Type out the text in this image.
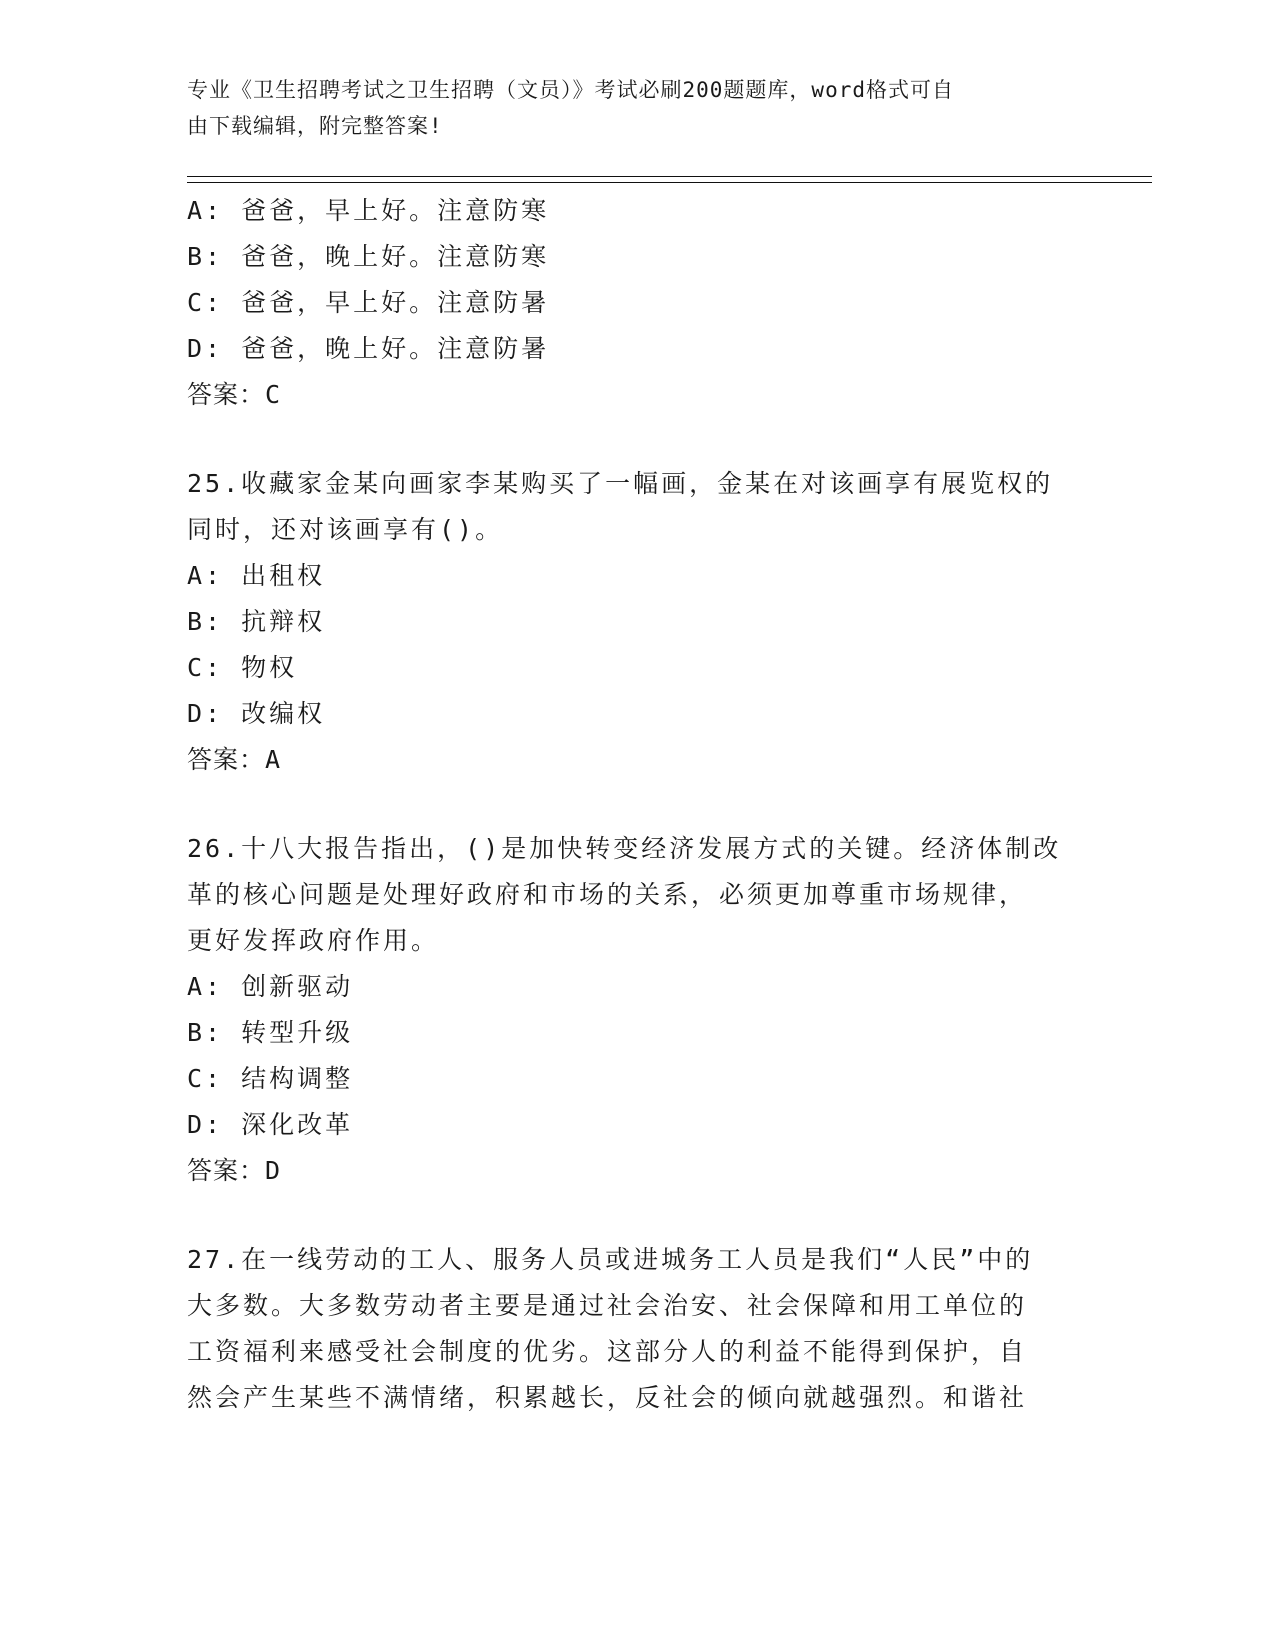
专业《卫生招聘考试之卫生招聘（文员）》考试必刷200题题库，word格式可自
由下载编辑，附完整答案!
A: 爸爸，早上好。注意防寒
B: 爸爸，晚上好。注意防寒
C: 爸爸，早上好。注意防暑
D: 爸爸，晚上好。注意防暑
答案：C
25.收藏家金某向画家李某购买了一幅画，金某在对该画享有展览权的
同时，还对该画享有()。
A: 出租权
B: 抗辩权
C: 物权
D: 改编权
答案：A
26.十八大报告指出，()是加快转变经济发展方式的关键。经济体制改
革的核心问题是处理好政府和市场的关系，必须更加尊重市场规律，
更好发挥政府作用。
A: 创新驱动
B: 转型升级
C: 结构调整
D: 深化改革
答案：D
27.在一线劳动的工人、服务人员或进城务工人员是我们“人民”中的
大多数。大多数劳动者主要是通过社会治安、社会保障和用工单位的
工资福利来感受社会制度的优劣。这部分人的利益不能得到保护，自
然会产生某些不满情绪，积累越长，反社会的倾向就越强烈。和谐社
